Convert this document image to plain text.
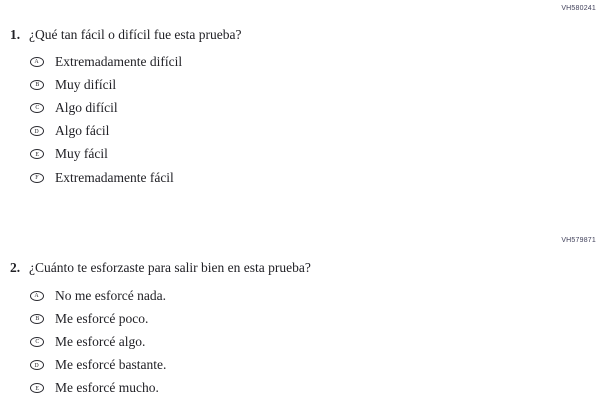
VH580241
1. ¿Qué tan fácil o difícil fue esta prueba?
A Extremadamente difícil
B Muy difícil
C Algo difícil
D Algo fácil
E Muy fácil
F Extremadamente fácil
VH579871
2. ¿Cuánto te esforzaste para salir bien en esta prueba?
A No me esforcé nada.
B Me esforcé poco.
C Me esforcé algo.
D Me esforcé bastante.
E Me esforcé mucho.
